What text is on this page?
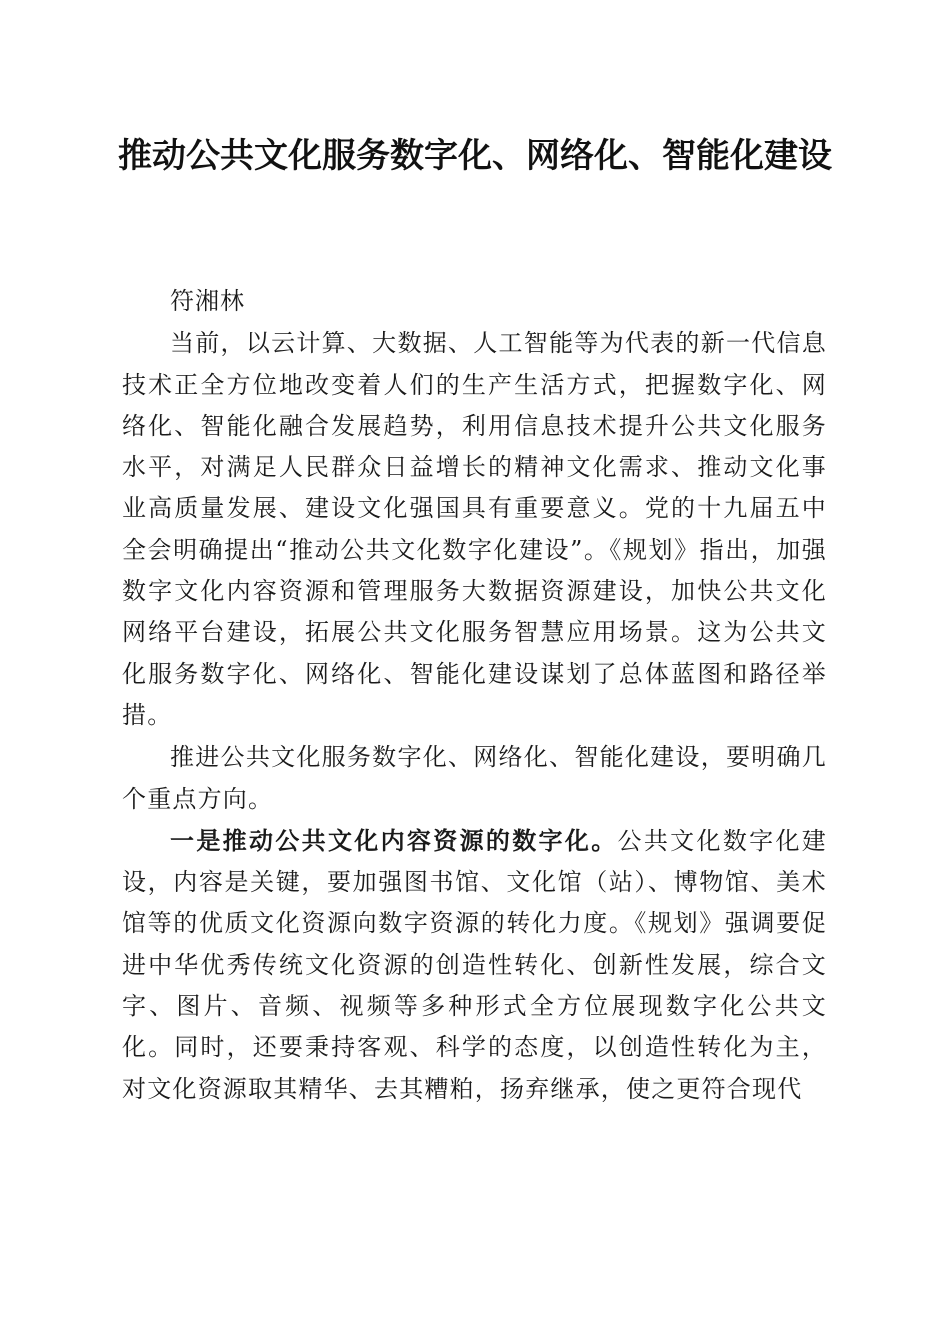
推动公共文化服务数字化、网络化、智能化建设

符湘林

当前，以云计算、大数据、人工智能等为代表的新一代信息技术正全方位地改变着人们的生产生活方式，把握数字化、网络化、智能化融合发展趋势，利用信息技术提升公共文化服务水平，对满足人民群众日益增长的精神文化需求、推动文化事业高质量发展、建设文化强国具有重要意义。党的十九届五中全会明确提出“推动公共文化数字化建设”。《规划》指出，加强数字文化内容资源和管理服务大数据资源建设，加快公共文化网络平台建设，拓展公共文化服务智慧应用场景。这为公共文化服务数字化、网络化、智能化建设谋划了总体蓝图和路径举措。

推进公共文化服务数字化、网络化、智能化建设，要明确几个重点方向。

一是推动公共文化内容资源的数字化。公共文化数字化建设，内容是关键，要加强图书馆、文化馆（站）、博物馆、美术馆等的优质文化资源向数字资源的转化力度。《规划》强调要促进中华优秀传统文化资源的创造性转化、创新性发展，综合文字、图片、音频、视频等多种形式全方位展现数字化公共文化。同时，还要秉持客观、科学的态度，以创造性转化为主，对文化资源取其精华、去其糟粕，扬弃继承，使之更符合现代
